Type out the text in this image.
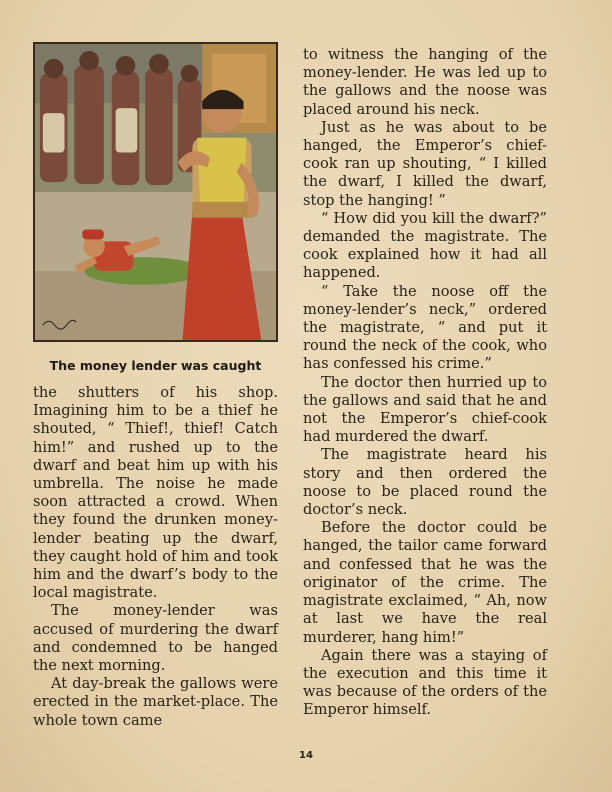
The money lender was caught

the shutters of his shop. Imagining him to be a thief he shouted, “ Thief!, thief! Catch him!” and rushed up to the dwarf and beat him up with his umbrella. The noise he made soon attracted a crowd. When they found the drunken money-lender beating up the dwarf, they caught hold of him and took him and the dwarf’s body to the local magistrate.

The money-lender was accused of murdering the dwarf and condemned to be hanged the next morning.

At day-break the gallows were erected in the market-place. The whole town came

to witness the hanging of the money-lender. He was led up to the gallows and the noose was placed around his neck.

Just as he was about to be hanged, the Emperor’s chief-cook ran up shouting, “ I killed the dwarf, I killed the dwarf, stop the hanging! ”

“ How did you kill the dwarf?” demanded the magistrate. The cook explained how it had all happened.

“ Take the noose off the money-lender’s neck,” ordered the magistrate, “ and put it round the neck of the cook, who has confessed his crime.”

The doctor then hurried up to the gallows and said that he and not the Emperor’s chief-cook had murdered the dwarf.

The magistrate heard his story and then ordered the noose to be placed round the doctor’s neck.

Before the doctor could be hanged, the tailor came forward and confessed that he was the originator of the crime. The magistrate exclaimed, “ Ah, now at last we have the real murderer, hang him!”

Again there was a staying of the execution and this time it was because of the orders of the Emperor himself.

14
